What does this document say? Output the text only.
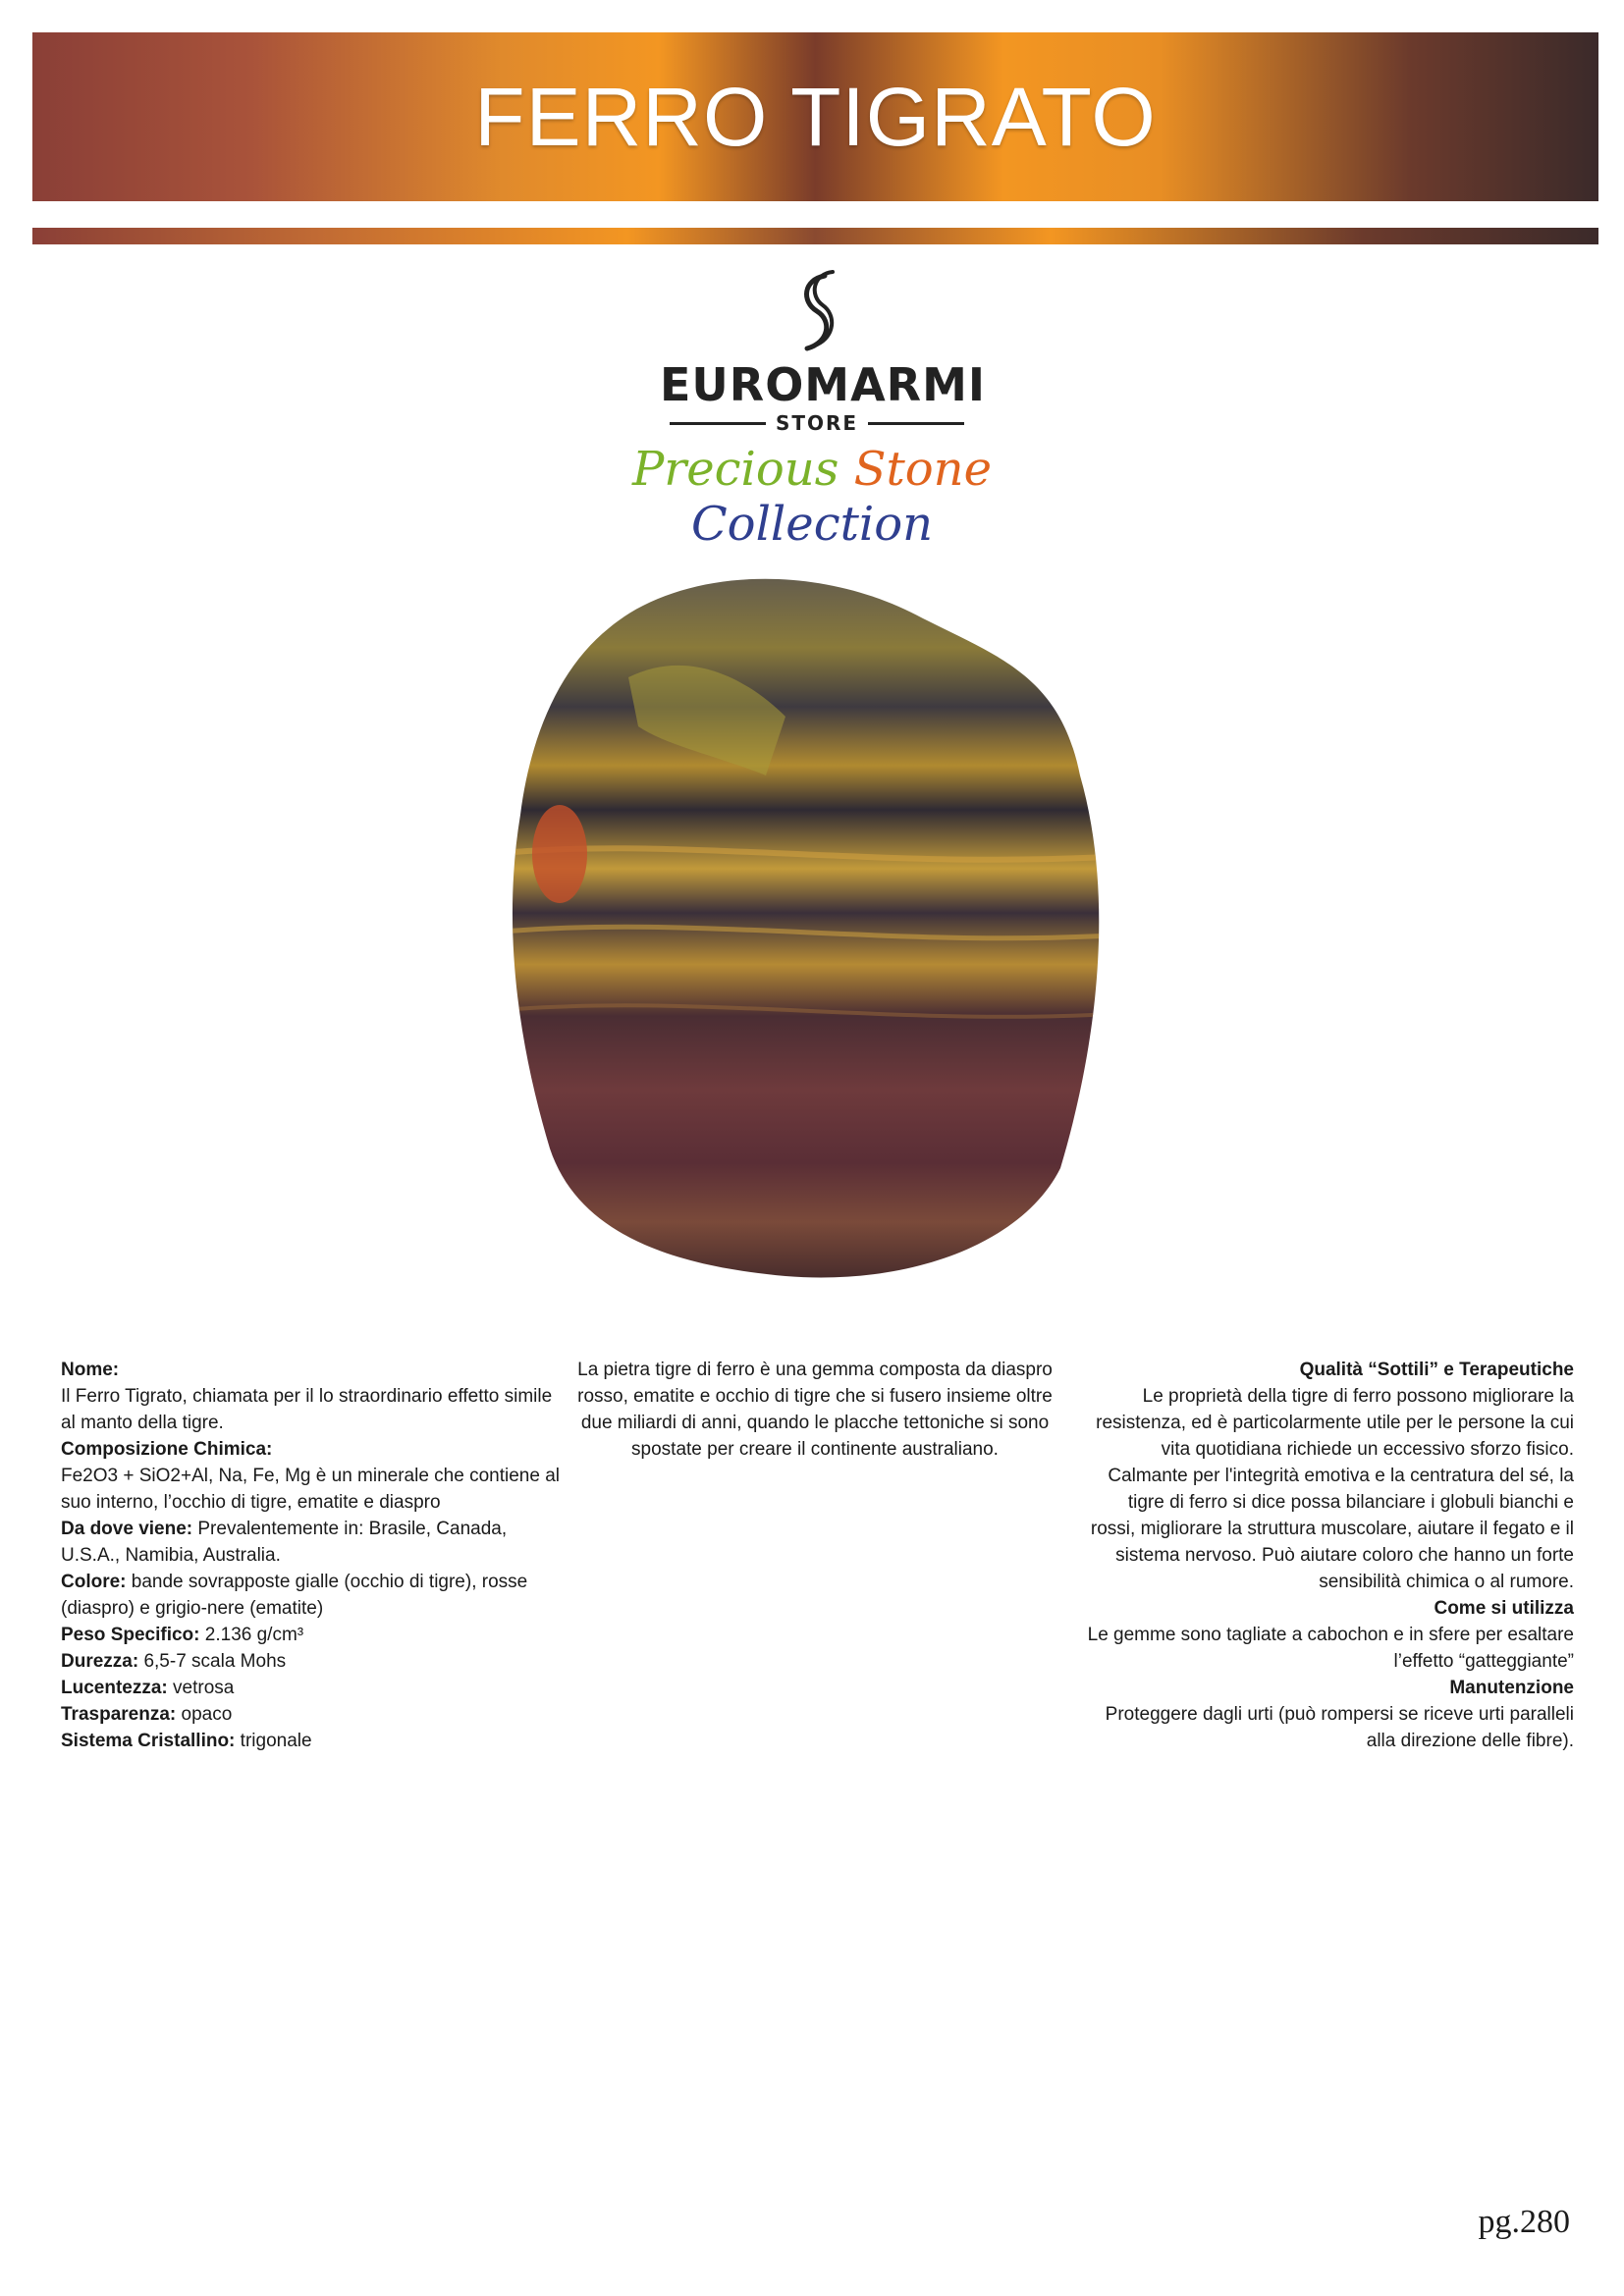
FERRO TIGRATO
EUROMARMI
STORE
Precious Stone Collection

Nome:

Il Ferro Tigrato, chiamata per il lo straordinario effetto simile al manto della tigre.

Composizione Chimica:

Fe2O3 + SiO2+Al, Na, Fe, Mg è un minerale che contiene al suo interno, l’occhio di tigre, ematite e diaspro

Da dove viene: Prevalentemente in: Brasile, Canada, U.S.A., Namibia, Australia.

Colore: bande sovrapposte gialle (occhio di tigre), rosse (diaspro) e grigio-nere (ematite)

Peso Specifico: 2.136 g/cm³

Durezza: 6,5-7 scala Mohs

Lucentezza: vetrosa

Trasparenza: opaco

Sistema Cristallino: trigonale

La pietra tigre di ferro è una gemma composta da diaspro rosso, ematite e occhio di tigre che si fusero insieme oltre due miliardi di anni, quando le placche tettoniche si sono spostate per creare il continente australiano.

Qualità “Sottili” e Terapeutiche

Le proprietà della tigre di ferro possono migliorare la resistenza, ed è particolarmente utile per le persone la cui vita quotidiana richiede un eccessivo sforzo fisico.

Calmante per l'integrità emotiva e la centratura del sé, la tigre di ferro si dice possa bilanciare i globuli bianchi e rossi, migliorare la struttura muscolare, aiutare il fegato e il sistema nervoso. Può aiutare coloro che hanno un forte sensibilità chimica o al rumore.

Come si utilizza

Le gemme sono tagliate a cabochon e in sfere per esaltare l’effetto “gatteggiante”

Manutenzione

Proteggere dagli urti (può rompersi se riceve urti paralleli alla direzione delle fibre).

pg.280
